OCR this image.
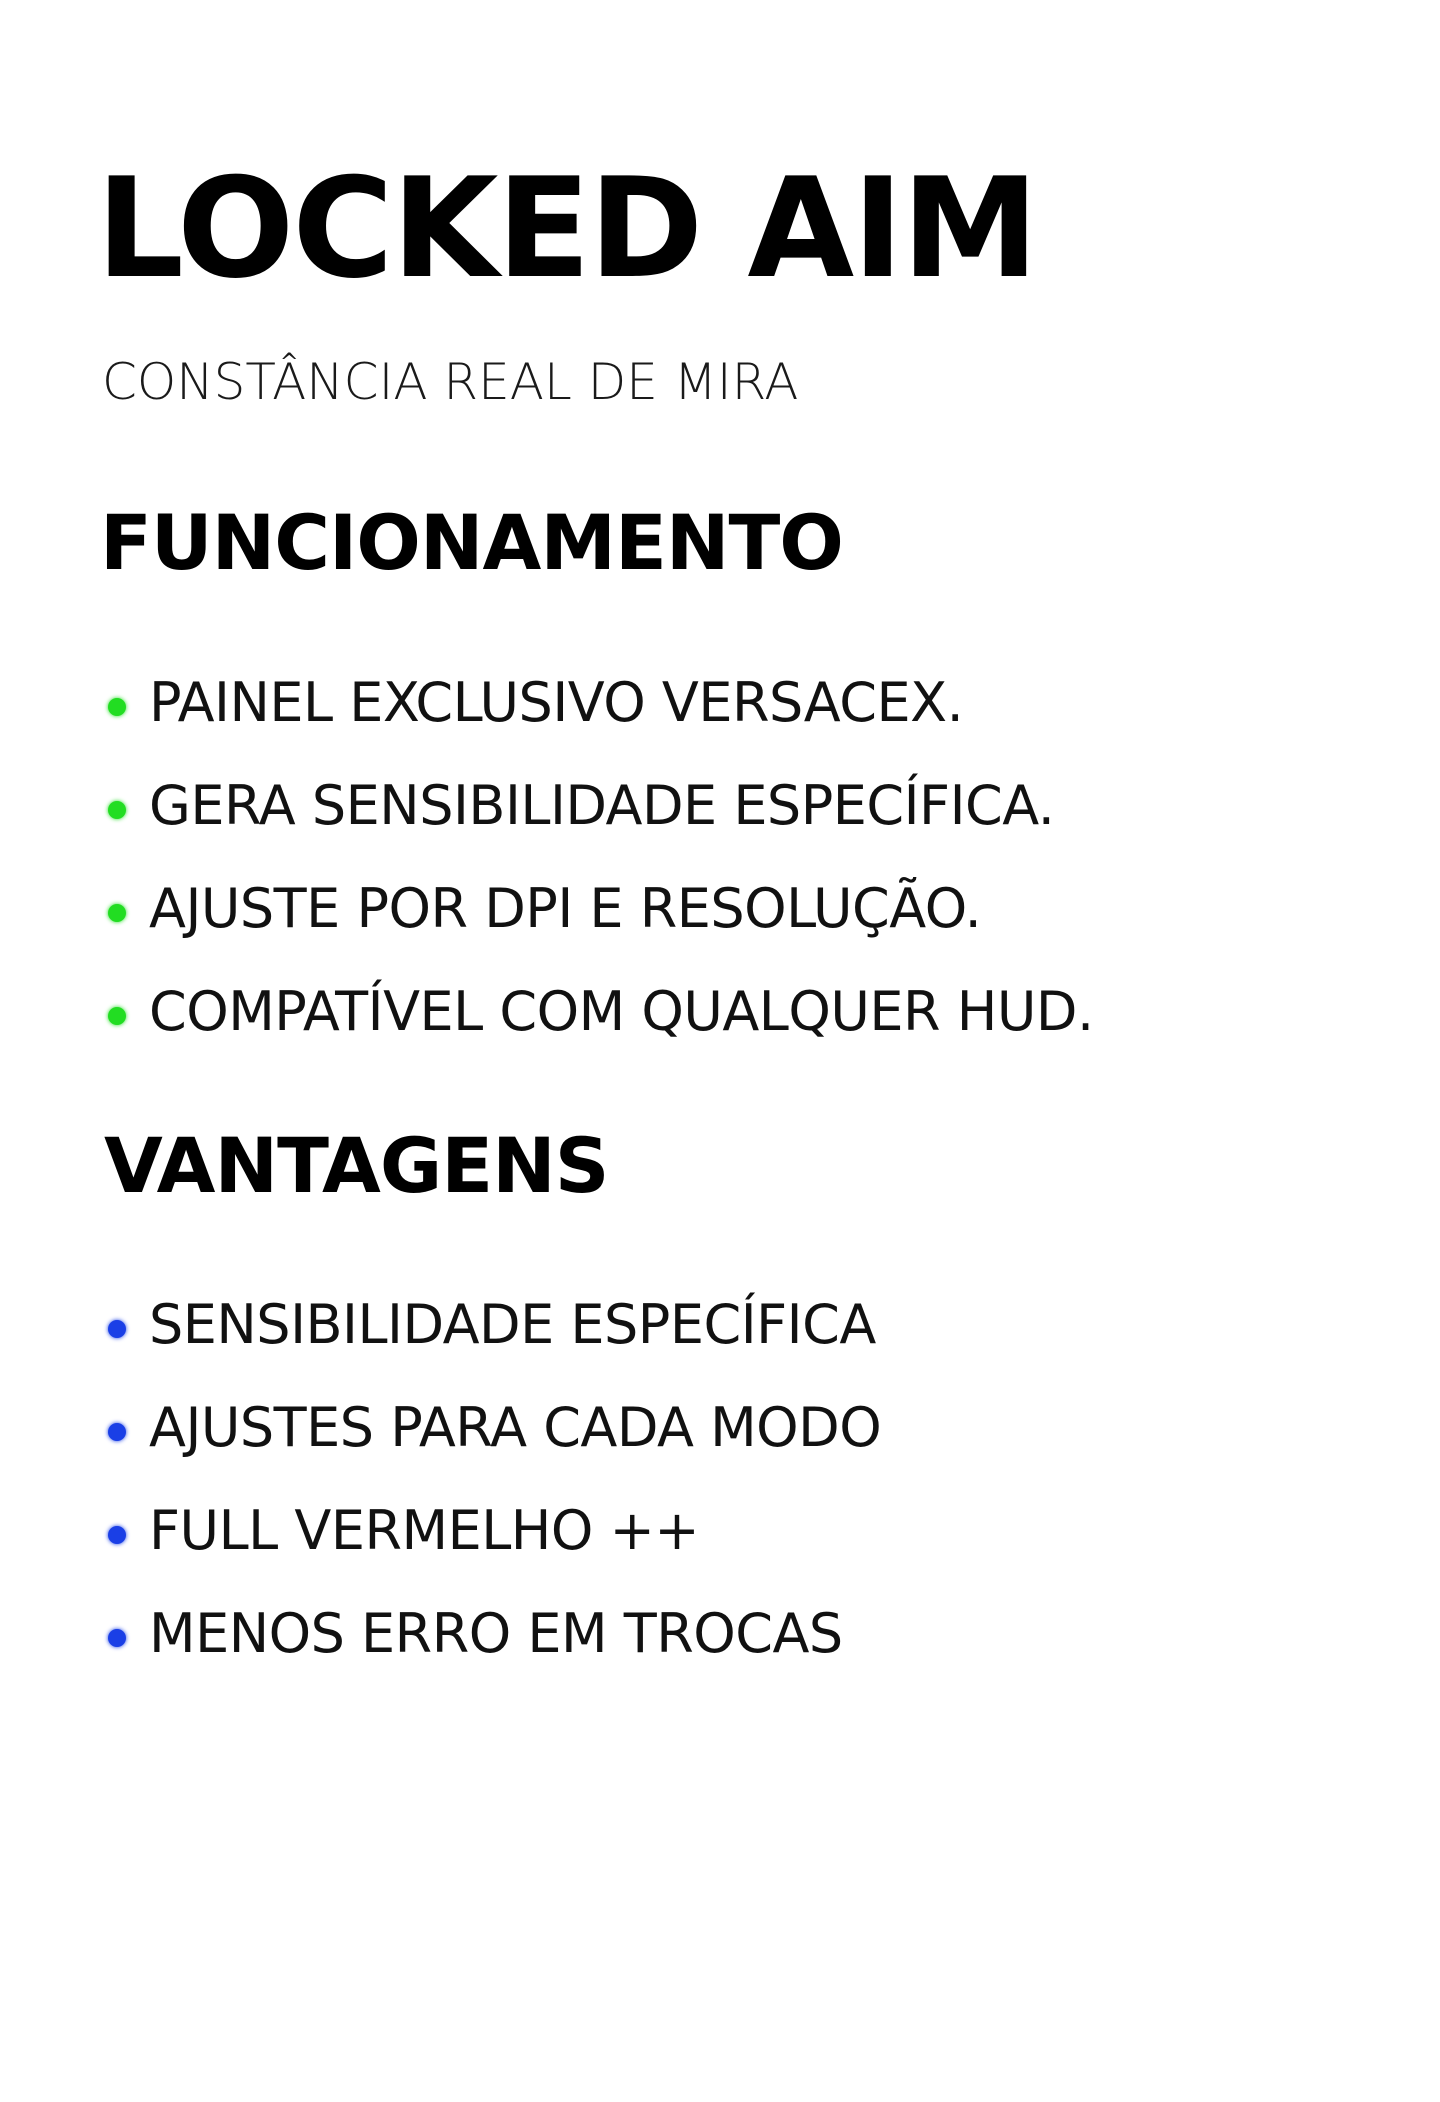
LOCKED AIM

CONSTÂNCIA REAL DE MIRA

FUNCIONAMENTO
PAINEL EXCLUSIVO VERSACEX.
GERA SENSIBILIDADE ESPECÍFICA.
AJUSTE POR DPI E RESOLUÇÃO.
COMPATÍVEL COM QUALQUER HUD.
VANTAGENS
SENSIBILIDADE ESPECÍFICA
AJUSTES PARA CADA MODO
FULL VERMELHO ++
MENOS ERRO EM TROCAS
